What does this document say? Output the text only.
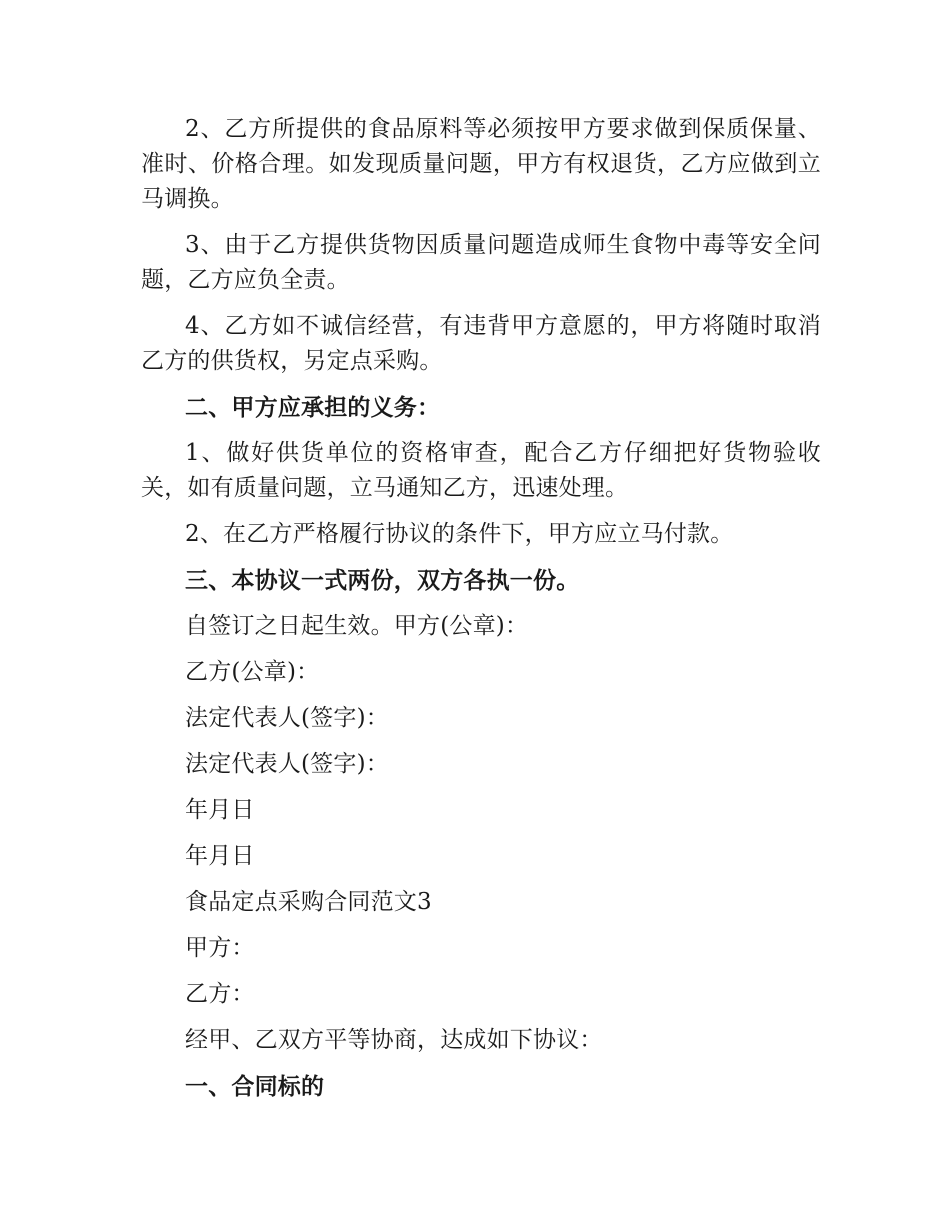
2、乙方所提供的食品原料等必须按甲方要求做到保质保量、准时、价格合理。如发现质量问题，甲方有权退货，乙方应做到立马调换。

3、由于乙方提供货物因质量问题造成师生食物中毒等安全问题，乙方应负全责。

4、乙方如不诚信经营，有违背甲方意愿的，甲方将随时取消乙方的供货权，另定点采购。

二、甲方应承担的义务：

1、做好供货单位的资格审查，配合乙方仔细把好货物验收关，如有质量问题，立马通知乙方，迅速处理。

2、在乙方严格履行协议的条件下，甲方应立马付款。

三、本协议一式两份，双方各执一份。

自签订之日起生效。甲方(公章)：

乙方(公章)：

法定代表人(签字)：

法定代表人(签字)：

年月日

年月日

食品定点采购合同范文3

甲方：

乙方：

经甲、乙双方平等协商，达成如下协议：

一、合同标的
